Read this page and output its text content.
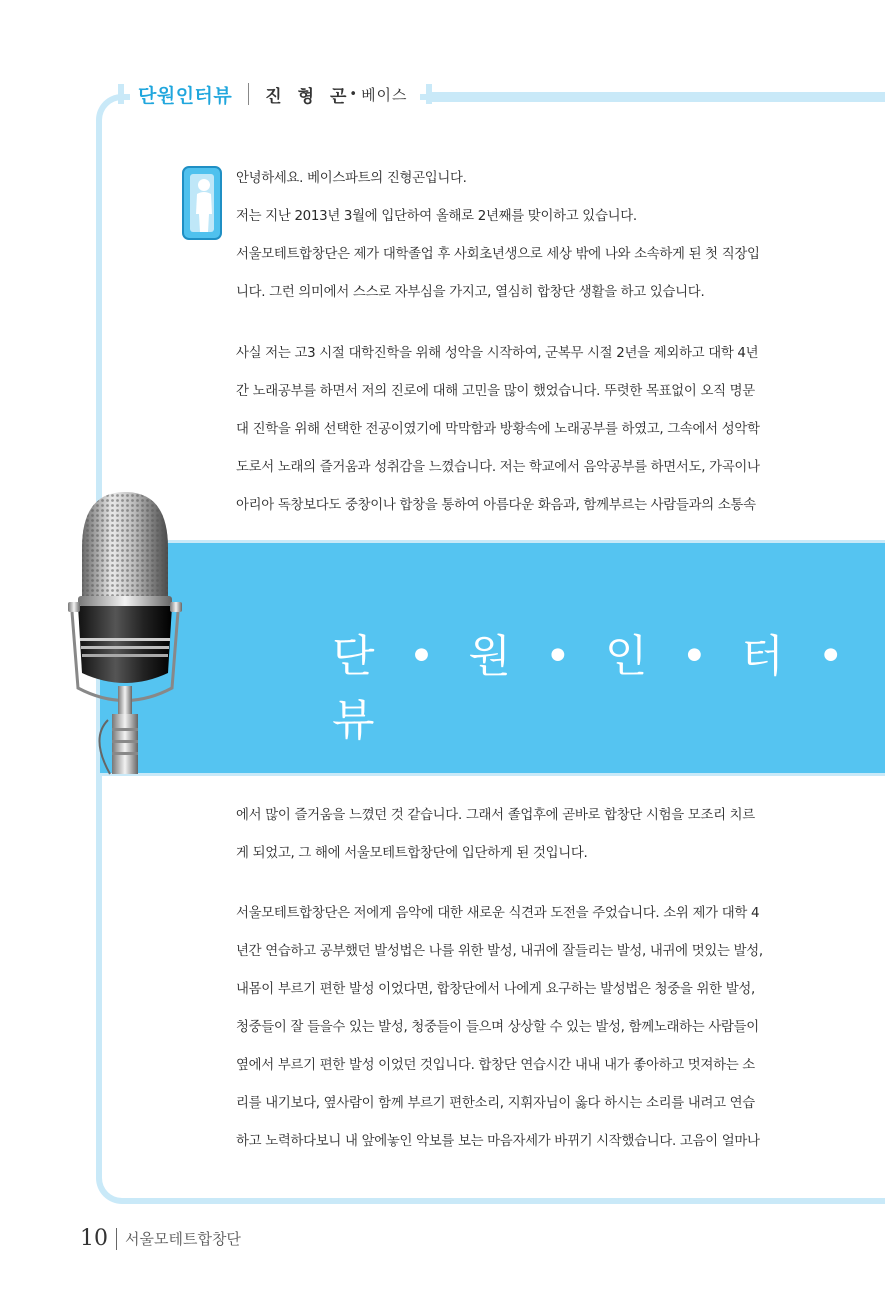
단원인터뷰 진 형 곤
• 베이스
안녕하세요. 베이스파트의 진형곤입니다.
저는 지난 2013년 3월에 입단하여 올해로 2년째를 맞이하고 있습니다.
서울모테트합창단은 제가 대학졸업 후 사회초년생으로 세상 밖에 나와 소속하게 된 첫 직장입
니다. 그런 의미에서 스스로 자부심을 가지고, 열심히 합창단 생활을 하고 있습니다.
사실 저는 고3 시절 대학진학을 위해 성악을 시작하여, 군복무 시절 2년을 제외하고 대학 4년
간 노래공부를 하면서 저의 진로에 대해 고민을 많이 했었습니다. 뚜렷한 목표없이 오직 명문
대 진학을 위해 선택한 전공이였기에 막막함과 방황속에 노래공부를 하였고, 그속에서 성악학
도로서 노래의 즐거움과 성취감을 느꼈습니다. 저는 학교에서 음악공부를 하면서도, 가곡이나
아리아 독창보다도 중창이나 합창을 통하여 아름다운 화음과, 함께부르는 사람들과의 소통속
단 • 원 • 인 • 터 • 뷰
에서 많이 즐거움을 느꼈던 것 같습니다. 그래서 졸업후에 곧바로 합창단 시험을 모조리 치르
게 되었고, 그 해에 서울모테트합창단에 입단하게 된 것입니다.
서울모테트합창단은 저에게 음악에 대한 새로운 식견과 도전을 주었습니다. 소위 제가 대학 4
년간 연습하고 공부했던 발성법은 나를 위한 발성, 내귀에 잘들리는 발성, 내귀에 멋있는 발성,
내몸이 부르기 편한 발성 이었다면, 합창단에서 나에게 요구하는 발성법은 청중을 위한 발성,
청중들이 잘 들을수 있는 발성, 청중들이 들으며 상상할 수 있는 발성, 함께노래하는 사람들이
옆에서 부르기 편한 발성 이었던 것입니다. 합창단 연습시간 내내 내가 좋아하고 멋져하는 소
리를 내기보다, 옆사람이 함께 부르기 편한소리, 지휘자님이 옳다 하시는 소리를 내려고 연습
하고 노력하다보니 내 앞에놓인 악보를 보는 마음자세가 바뀌기 시작했습니다. 고음이 얼마나
10 서울모테트합창단
